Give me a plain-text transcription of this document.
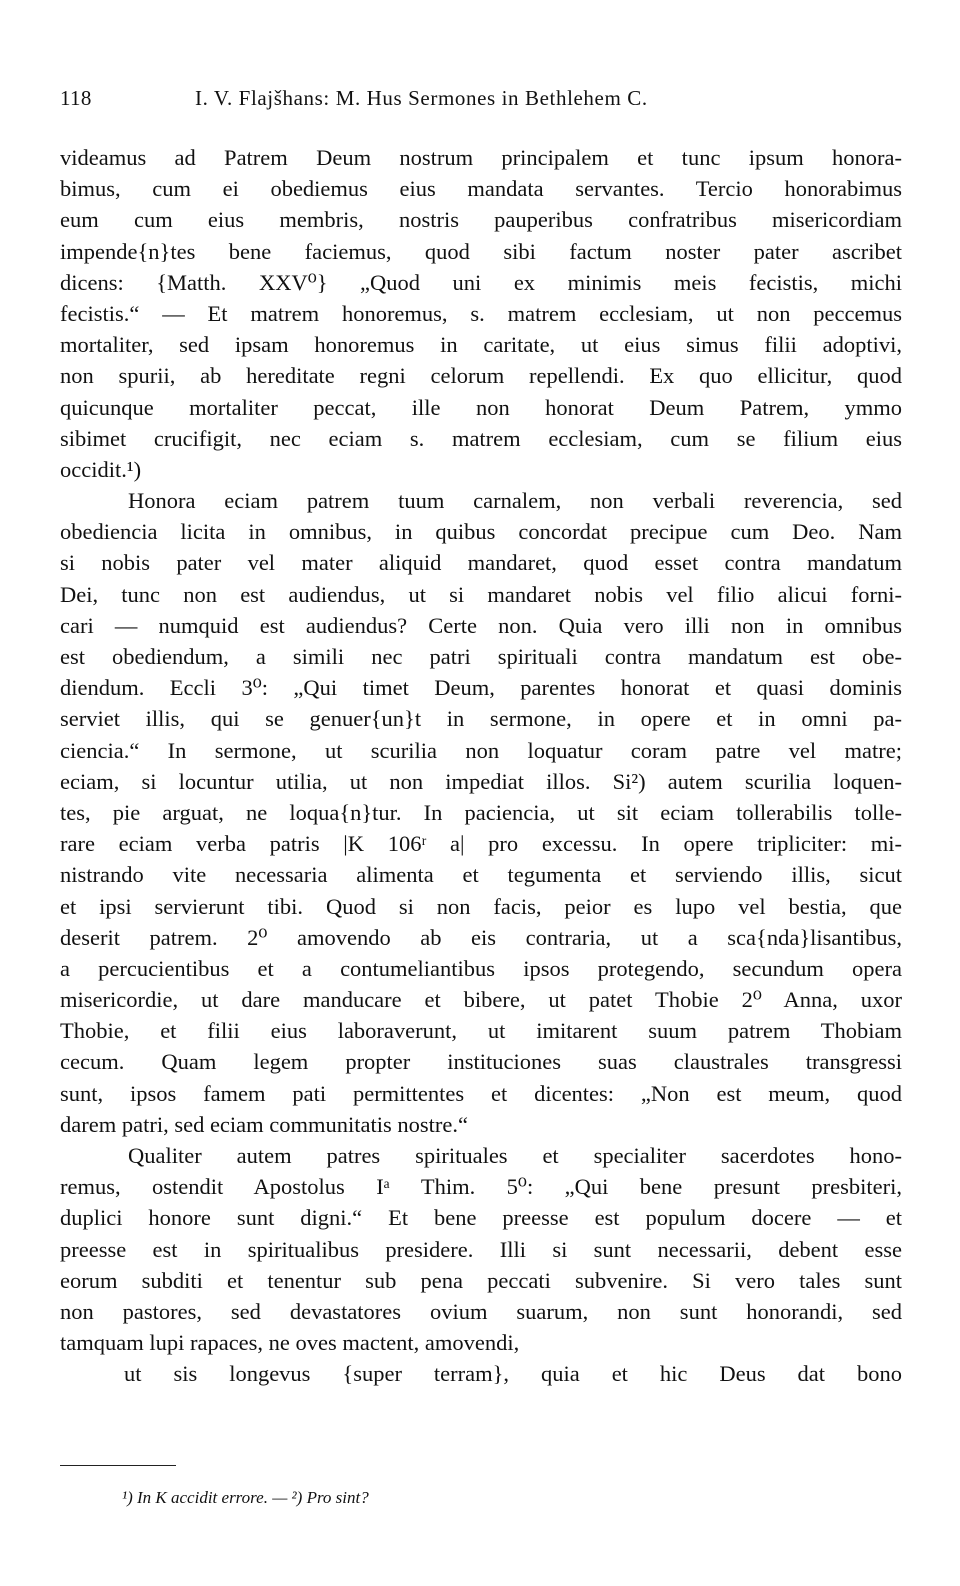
118	I. V. Flajšhans: M. Hus Sermones in Bethlehem C.
videamus ad Patrem Deum nostrum principalem et tunc ipsum honora-
bimus, cum ei obediemus eius mandata servantes. Tercio honorabimus
eum cum eius membris, nostris pauperibus confratribus misericordiam
impende{n}tes bene faciemus, quod sibi factum noster pater ascribet
dicens: {Matth. XXV⁰} „Quod uni ex minimis meis fecistis, michi
fecistis.“ — Et matrem honoremus, s. matrem ecclesiam, ut non peccemus
mortaliter, sed ipsam honoremus in caritate, ut eius simus filii adoptivi,
non spurii, ab hereditate regni celorum repellendi. Ex quo ellicitur, quod
quicunque mortaliter peccat, ille non honorat Deum Patrem, ymmo
sibimet crucifigit, nec eciam s. matrem ecclesiam, cum se filium eius
occidit.¹)
Honora eciam patrem tuum carnalem, non verbali reverencia, sed
obediencia licita in omnibus, in quibus concordat precipue cum Deo. Nam
si nobis pater vel mater aliquid mandaret, quod esset contra mandatum
Dei, tunc non est audiendus, ut si mandaret nobis vel filio alicui forni-
cari — numquid est audiendus? Certe non. Quia vero illi non in omnibus
est obediendum, a simili nec patri spirituali contra mandatum est obe-
diendum. Eccli 3⁰: „Qui timet Deum, parentes honorat et quasi dominis
serviet illis, qui se genuer{un}t in sermone, in opere et in omni pa-
ciencia.“ In sermone, ut scurilia non loquatur coram patre vel matre;
eciam, si locuntur utilia, ut non impediat illos. Si²) autem scurilia loquen-
tes, pie arguat, ne loqua{n}tur. In paciencia, ut sit eciam tollerabilis tolle-
rare eciam verba patris |K 106ʳ a| pro excessu. In opere tripliciter: mi-
nistrando vite necessaria alimenta et tegumenta et serviendo illis, sicut
et ipsi servierunt tibi. Quod si non facis, peior es lupo vel bestia, que
deserit patrem. 2⁰ amovendo ab eis contraria, ut a sca{nda}lisantibus,
a percucientibus et a contumeliantibus ipsos protegendo, secundum opera
misericordie, ut dare manducare et bibere, ut patet Thobie 2⁰ Anna, uxor
Thobie, et filii eius laboraverunt, ut imitarent suum patrem Thobiam
cecum. Quam legem propter instituciones suas claustrales transgressi
sunt, ipsos famem pati permittentes et dicentes: „Non est meum, quod
darem patri, sed eciam communitatis nostre.“
Qualiter autem patres spirituales et specialiter sacerdotes hono-
remus, ostendit Apostolus Iᵃ Thim. 5⁰: „Qui bene presunt presbiteri,
duplici honore sunt digni.“ Et bene preesse est populum docere — et
preesse est in spiritualibus presidere. Illi si sunt necessarii, debent esse
eorum subditi et tenentur sub pena peccati subvenire. Si vero tales sunt
non pastores, sed devastatores ovium suarum, non sunt honorandi, sed
tamquam lupi rapaces, ne oves mactent, amovendi,
ut sis longevus {super terram}, quia et hic Deus dat bono
¹) In K accidit errore. — ²) Pro sint?
